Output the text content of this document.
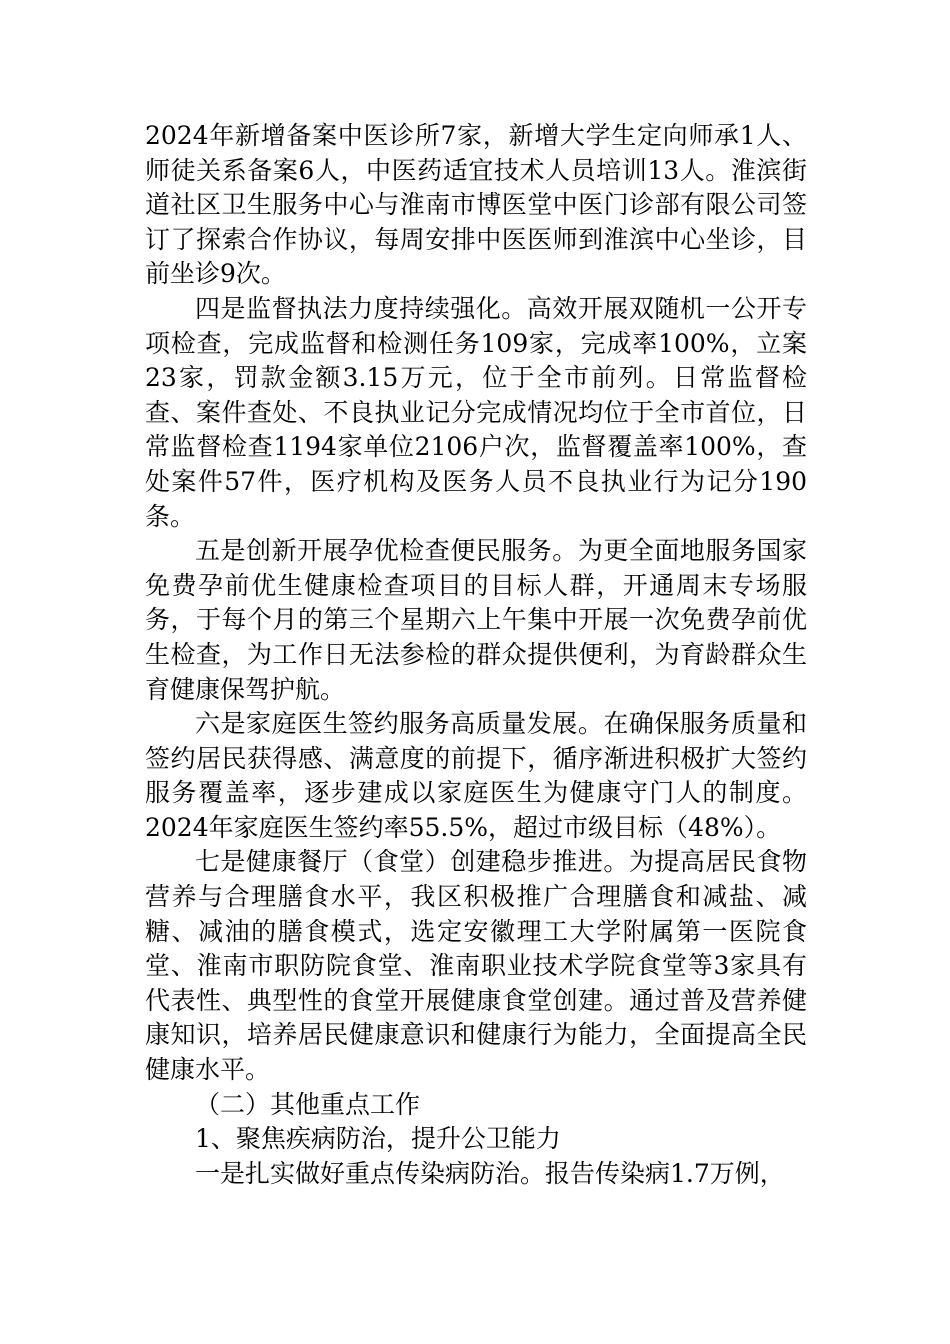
2024年新增备案中医诊所7家，新增大学生定向师承1人、师徒关系备案6人，中医药适宜技术人员培训13人。淮滨街道社区卫生服务中心与淮南市博医堂中医门诊部有限公司签订了探索合作协议，每周安排中医医师到淮滨中心坐诊，目前坐诊9次。

四是监督执法力度持续强化。高效开展双随机一公开专项检查，完成监督和检测任务109家，完成率100%，立案23家，罚款金额3.15万元，位于全市前列。日常监督检查、案件查处、不良执业记分完成情况均位于全市首位，日常监督检查1194家单位2106户次，监督覆盖率100%，查处案件57件，医疗机构及医务人员不良执业行为记分190条。

五是创新开展孕优检查便民服务。为更全面地服务国家免费孕前优生健康检查项目的目标人群，开通周末专场服务，于每个月的第三个星期六上午集中开展一次免费孕前优生检查，为工作日无法参检的群众提供便利，为育龄群众生育健康保驾护航。

六是家庭医生签约服务高质量发展。在确保服务质量和签约居民获得感、满意度的前提下，循序渐进积极扩大签约服务覆盖率，逐步建成以家庭医生为健康守门人的制度。2024年家庭医生签约率55.5%，超过市级目标（48%）。

七是健康餐厅（食堂）创建稳步推进。为提高居民食物营养与合理膳食水平，我区积极推广合理膳食和减盐、减糖、减油的膳食模式，选定安徽理工大学附属第一医院食堂、淮南市职防院食堂、淮南职业技术学院食堂等3家具有代表性、典型性的食堂开展健康食堂创建。通过普及营养健康知识，培养居民健康意识和健康行为能力，全面提高全民健康水平。

（二）其他重点工作

1、聚焦疾病防治，提升公卫能力

一是扎实做好重点传染病防治。报告传染病1.7万例，
